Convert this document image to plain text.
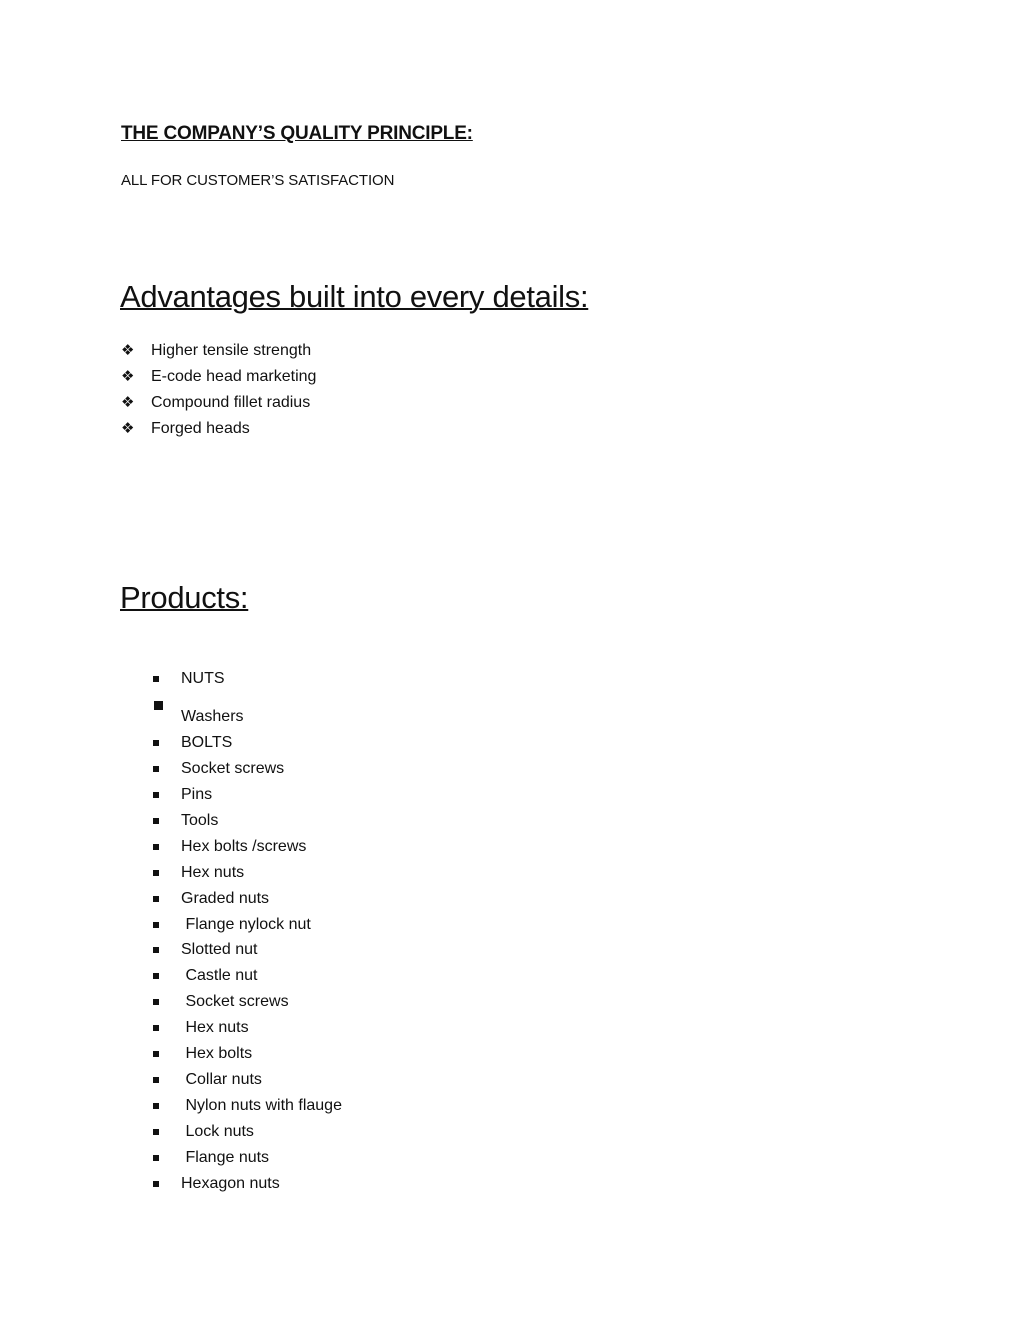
THE COMPANY’S QUALITY PRINCIPLE:

ALL FOR CUSTOMER’S SATISFACTION

Advantages built into every details:
❖ Higher tensile strength
❖ E-code head marketing
❖ Compound fillet radius
❖ Forged heads
Products:
NUTS
Washers
BOLTS
Socket screws
Pins
Tools
Hex bolts /screws
Hex nuts
Graded nuts
Flange nylock nut
Slotted nut
Castle nut
Socket screws
Hex nuts
Hex bolts
Collar nuts
Nylon nuts with flauge
Lock nuts
Flange nuts
Hexagon nuts
